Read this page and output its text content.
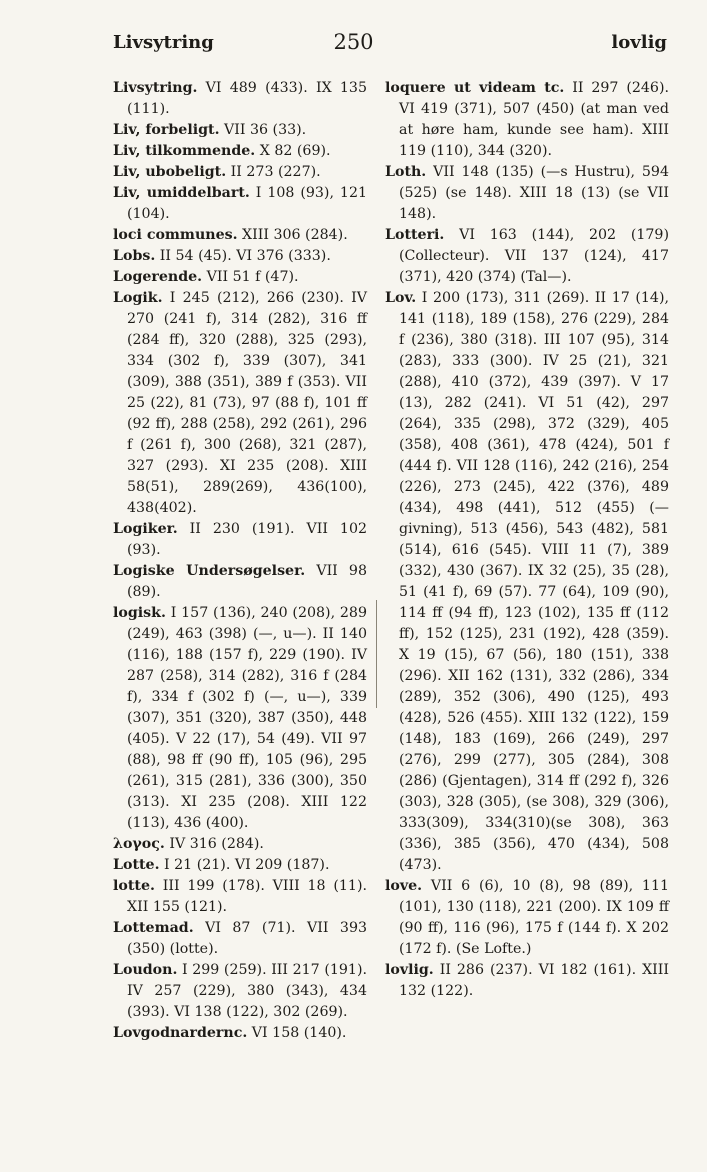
Livsytring	250	lovlig

Livsytring. VI 489 (433). IX 135 (111).

Liv, forbeligt. VII 36 (33).

Liv, tilkommende. X 82 (69).

Liv, ubobeligt. II 273 (227).

Liv, umiddelbart. I 108 (93), 121 (104).

loci communes. XIII 306 (284).

Lobs. II 54 (45). VI 376 (333).

Logerende. VII 51 f (47).

Logik. I 245 (212), 266 (230). IV 270 (241 f), 314 (282), 316 ff (284 ff), 320 (288), 325 (293), 334 (302 f), 339 (307), 341 (309), 388 (351), 389 f (353). VII 25 (22), 81 (73), 97 (88 f), 101 ff (92 ff), 288 (258), 292 (261), 296 f (261 f), 300 (268), 321 (287), 327 (293). XI 235 (208). XIII 58(51), 289(269), 436(100), 438(402).

Logiker. II 230 (191). VII 102 (93).

Logiske Undersøgelser. VII 98 (89).

logisk. I 157 (136), 240 (208), 289 (249), 463 (398) (—, u—). II 140 (116), 188 (157 f), 229 (190). IV 287 (258), 314 (282), 316 f (284 f), 334 f (302 f) (—, u—), 339 (307), 351 (320), 387 (350), 448 (405). V 22 (17), 54 (49). VII 97 (88), 98 ff (90 ff), 105 (96), 295 (261), 315 (281), 336 (300), 350 (313). XI 235 (208). XIII 122 (113), 436 (400).

λογος. IV 316 (284).

Lotte. I 21 (21). VI 209 (187).

lotte. III 199 (178). VIII 18 (11). XII 155 (121).

Lottemad. VI 87 (71). VII 393 (350) (lotte).

Loudon. I 299 (259). III 217 (191). IV 257 (229), 380 (343), 434 (393). VI 138 (122), 302 (269).

Lovgodnardernc. VI 158 (140).

loquere ut videam tc. II 297 (246). VI 419 (371), 507 (450) (at man ved at høre ham, kunde see ham). XIII 119 (110), 344 (320).

Loth. VII 148 (135) (—s Hustru), 594 (525) (se 148). XIII 18 (13) (se VII 148).

Lotteri. VI 163 (144), 202 (179) (Collecteur). VII 137 (124), 417 (371), 420 (374) (Tal—).

Lov. I 200 (173), 311 (269). II 17 (14), 141 (118), 189 (158), 276 (229), 284 f (236), 380 (318). III 107 (95), 314 (283), 333 (300). IV 25 (21), 321 (288), 410 (372), 439 (397). V 17 (13), 282 (241). VI 51 (42), 297 (264), 335 (298), 372 (329), 405 (358), 408 (361), 478 (424), 501 f (444 f). VII 128 (116), 242 (216), 254 (226), 273 (245), 422 (376), 489 (434), 498 (441), 512 (455) (—givning), 513 (456), 543 (482), 581 (514), 616 (545). VIII 11 (7), 389 (332), 430 (367). IX 32 (25), 35 (28), 51 (41 f), 69 (57). 77 (64), 109 (90), 114 ff (94 ff), 123 (102), 135 ff (112 ff), 152 (125), 231 (192), 428 (359). X 19 (15), 67 (56), 180 (151), 338 (296). XII 162 (131), 332 (286), 334 (289), 352 (306), 490 (125), 493 (428), 526 (455). XIII 132 (122), 159 (148), 183 (169), 266 (249), 297 (276), 299 (277), 305 (284), 308 (286) (Gjentagen), 314 ff (292 f), 326 (303), 328 (305), (se 308), 329 (306), 333(309), 334(310)(se 308), 363 (336), 385 (356), 470 (434), 508 (473).

love. VII 6 (6), 10 (8), 98 (89), 111 (101), 130 (118), 221 (200). IX 109 ff (90 ff), 116 (96), 175 f (144 f). X 202 (172 f). (Se Lofte.)

lovlig. II 286 (237). VI 182 (161). XIII 132 (122).
